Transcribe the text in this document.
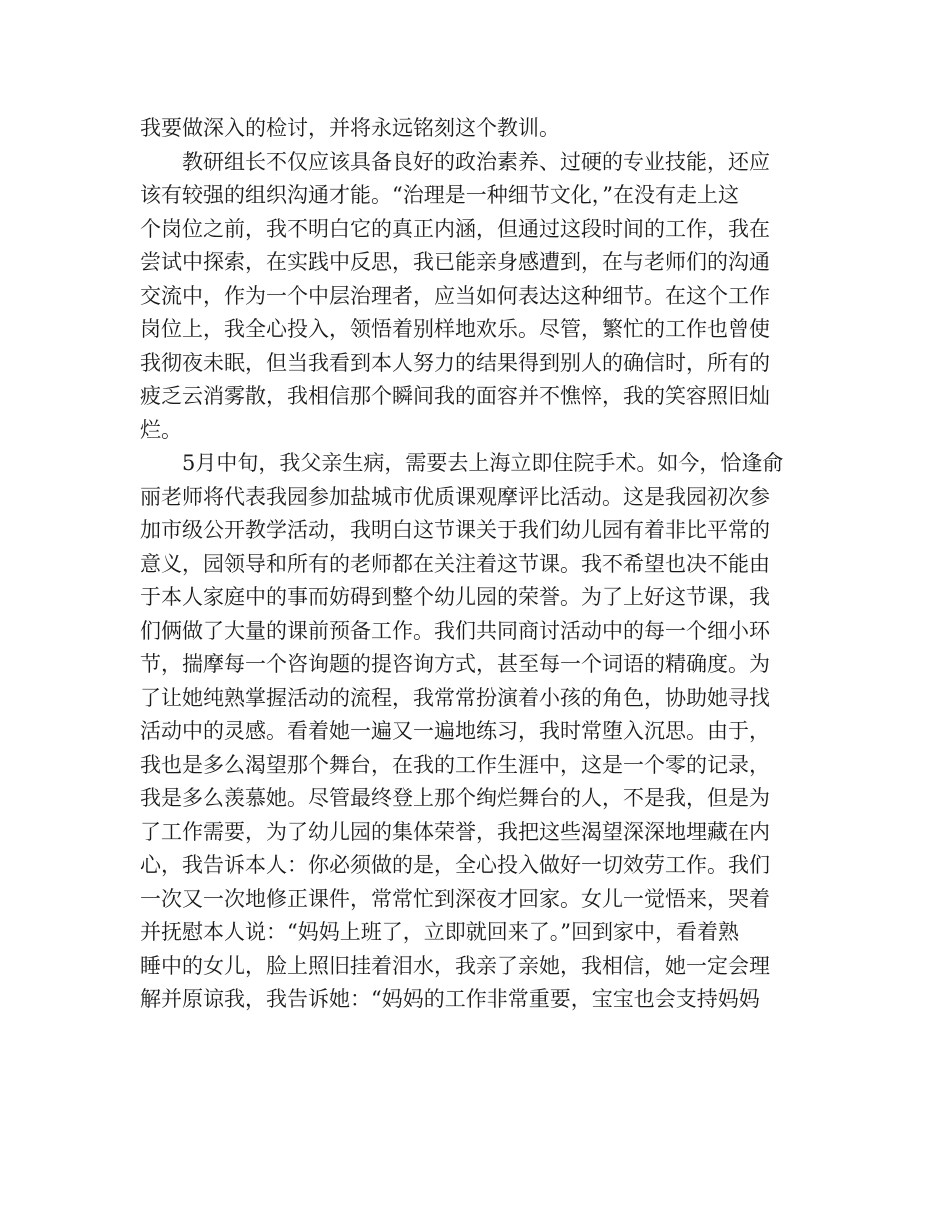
我要做深入的检讨，并将永远铭刻这个教训。
教研组长不仅应该具备良好的政治素养、过硬的专业技能，还应
该有较强的组织沟通才能。“治理是一种细节文化，”在没有走上这
个岗位之前，我不明白它的真正内涵，但通过这段时间的工作，我在
尝试中探索，在实践中反思，我已能亲身感遭到，在与老师们的沟通
交流中，作为一个中层治理者，应当如何表达这种细节。在这个工作
岗位上，我全心投入，领悟着别样地欢乐。尽管，繁忙的工作也曾使
我彻夜未眠，但当我看到本人努力的结果得到别人的确信时，所有的
疲乏云消雾散，我相信那个瞬间我的面容并不憔悴，我的笑容照旧灿
烂。
5月中旬，我父亲生病，需要去上海立即住院手术。如今，恰逢俞
丽老师将代表我园参加盐城市优质课观摩评比活动。这是我园初次参
加市级公开教学活动，我明白这节课关于我们幼儿园有着非比平常的
意义，园领导和所有的老师都在关注着这节课。我不希望也决不能由
于本人家庭中的事而妨碍到整个幼儿园的荣誉。为了上好这节课，我
们俩做了大量的课前预备工作。我们共同商讨活动中的每一个细小环
节，揣摩每一个咨询题的提咨询方式，甚至每一个词语的精确度。为
了让她纯熟掌握活动的流程，我常常扮演着小孩的角色，协助她寻找
活动中的灵感。看着她一遍又一遍地练习，我时常堕入沉思。由于，
我也是多么渴望那个舞台，在我的工作生涯中，这是一个零的记录，
我是多么羡慕她。尽管最终登上那个绚烂舞台的人，不是我，但是为
了工作需要，为了幼儿园的集体荣誉，我把这些渴望深深地埋藏在内
心，我告诉本人：你必须做的是，全心投入做好一切效劳工作。我们
一次又一次地修正课件，常常忙到深夜才回家。女儿一觉悟来，哭着
并抚慰本人说：“妈妈上班了，立即就回来了。”回到家中，看着熟
睡中的女儿，脸上照旧挂着泪水，我亲了亲她，我相信，她一定会理
解并原谅我，我告诉她：“妈妈的工作非常重要，宝宝也会支持妈妈
